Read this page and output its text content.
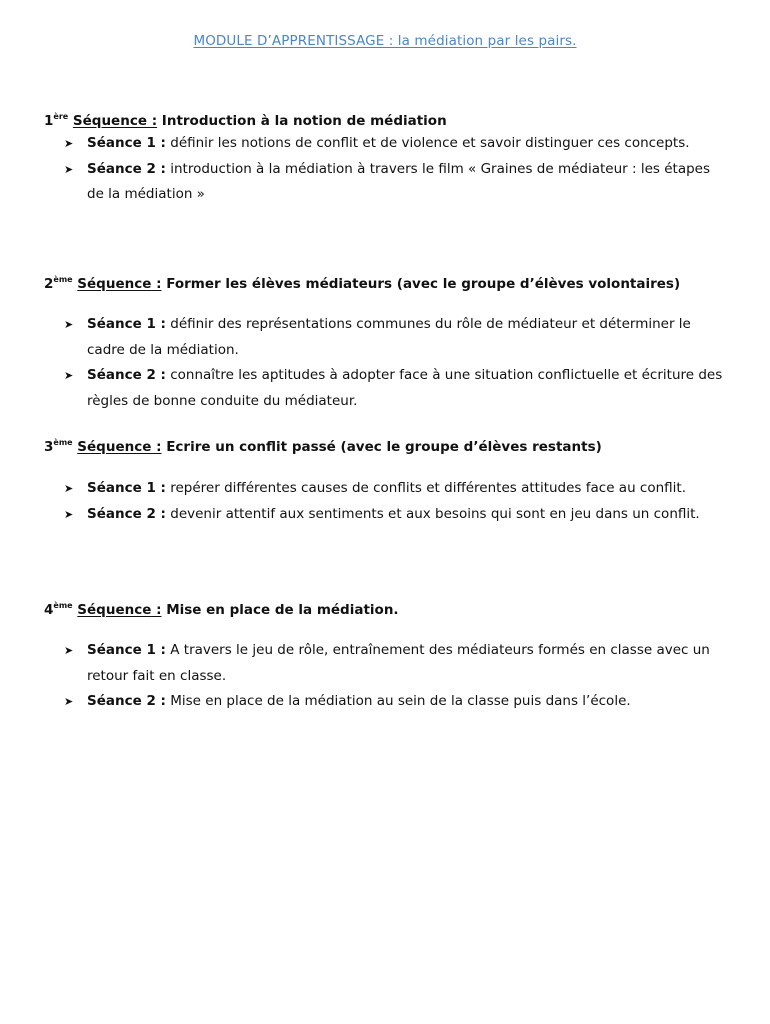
MODULE D’APPRENTISSAGE : la médiation par les pairs.
1ère Séquence : Introduction à la notion de médiation
➤ Séance 1 : définir les notions de conflit et de violence et savoir distinguer ces concepts.
➤ Séance 2 : introduction à la médiation à travers le film « Graines de médiateur : les étapes de la médiation »
2ème Séquence : Former les élèves médiateurs (avec le groupe d’élèves volontaires)
➤ Séance 1 : définir des représentations communes du rôle de médiateur et déterminer le cadre de la médiation.
➤ Séance 2 : connaître les aptitudes à adopter face à une situation conflictuelle et écriture des règles de bonne conduite du médiateur.
3ème Séquence : Ecrire un conflit passé (avec le groupe d’élèves restants)
➤ Séance 1 : repérer différentes causes de conflits et différentes attitudes face au conflit.
➤ Séance 2 : devenir attentif aux sentiments et aux besoins qui sont en jeu dans un conflit.
4ème Séquence : Mise en place de la médiation.
➤ Séance 1 : A travers le jeu de rôle, entraînement des médiateurs formés en classe avec un retour fait en classe.
➤ Séance 2 : Mise en place de la médiation au sein de la classe puis dans l’école.
